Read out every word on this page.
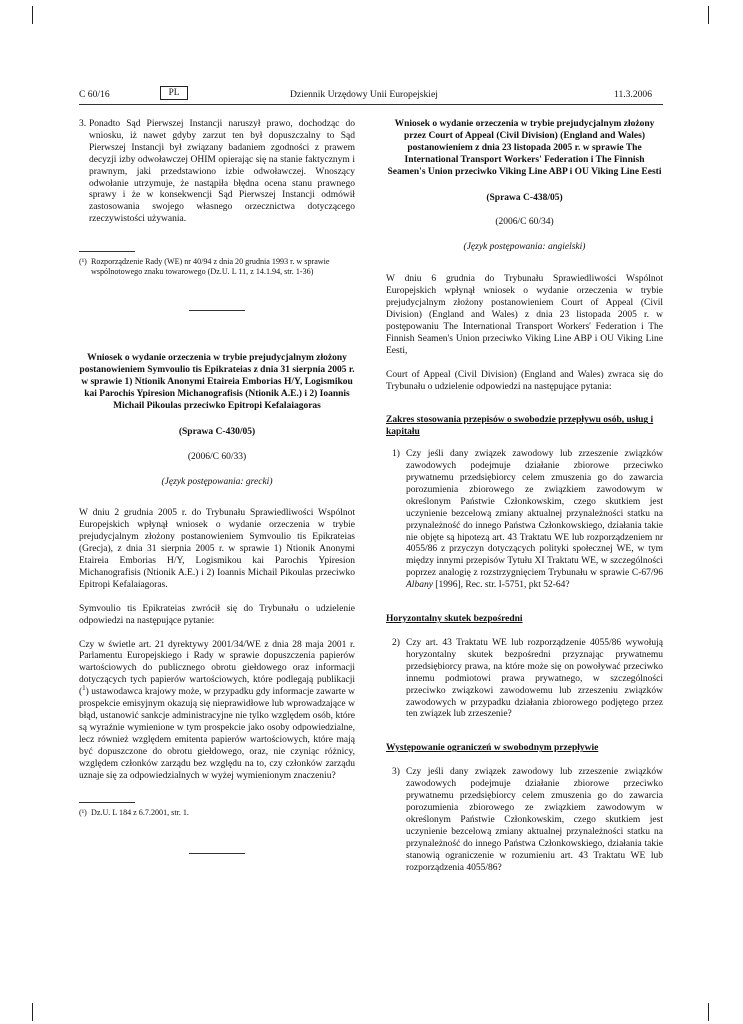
C 60/16	PL	Dziennik Urzędowy Unii Europejskiej	11.3.2006
3. Ponadto Sąd Pierwszej Instancji naruszył prawo, dochodząc do wniosku, iż nawet gdyby zarzut ten był dopuszczalny to Sąd Pierwszej Instancji był związany badaniem zgodności z prawem decyzji izby odwoławczej OHIM opierając się na stanie faktycznym i prawnym, jaki przedstawiono izbie odwoławczej. Wnoszący odwołanie utrzymuje, że nastąpiła błędna ocena stanu prawnego sprawy i że w konsekwencji Sąd Pierwszej Instancji odmówił zastosowania swojego własnego orzecznictwa dotyczącego rzeczywistości używania.
(¹) Rozporządzenie Rady (WE) nr 40/94 z dnia 20 grudnia 1993 r. w sprawie wspólnotowego znaku towarowego (Dz.U. L 11, z 14.1.94, str. 1-36)

Wniosek o wydanie orzeczenia w trybie prejudycjalnym złożony postanowieniem Symvoulio tis Epikrateias z dnia 31 sierpnia 2005 r. w sprawie 1) Ntionik Anonymi Etaireia Emborias H/Y, Logismikou kai Parochis Ypiresion Michanografisis (Ntionik A.E.) i 2) Ioannis Michail Pikoulas przeciwko Epitropi Kefalaiagoras

(Sprawa C-430/05)

(2006/C 60/33)

(Język postępowania: grecki)

W dniu 2 grudnia 2005 r. do Trybunału Sprawiedliwości Wspólnot Europejskich wpłynął wniosek o wydanie orzeczenia w trybie prejudycjalnym złożony postanowieniem Symvoulio tis Epikrateias (Grecja), z dnia 31 sierpnia 2005 r. w sprawie 1) Ntionik Anonymi Etaireia Emborias H/Y, Logismikou kai Parochis Ypiresion Michanografisis (Ntionik A.E.) i 2) Ioannis Michail Pikoulas przeciwko Epitropi Kefalaiagoras.

Symvoulio tis Epikrateias zwrócił się do Trybunału o udzielenie odpowiedzi na następujące pytanie:

Czy w świetle art. 21 dyrektywy 2001/34/WE z dnia 28 maja 2001 r. Parlamentu Europejskiego i Rady w sprawie dopuszczenia papierów wartościowych do publicznego obrotu giełdowego oraz informacji dotyczących tych papierów wartościowych, które podlegają publikacji ($^1$) ustawodawca krajowy może, w przypadku gdy informacje zawarte w prospekcie emisyjnym okazują się nieprawidłowe lub wprowadzające w błąd, ustanowić sankcje administracyjne nie tylko względem osób, które są wyraźnie wymienione w tym prospekcie jako osoby odpowiedzialne, lecz również względem emitenta papierów wartościowych, które mają być dopuszczone do obrotu giełdowego, oraz, nie czyniąc różnicy, względem członków zarządu bez względu na to, czy członków zarządu uznaje się za odpowiedzialnych w wyżej wymienionym znaczeniu?

(¹) Dz.U. L 184 z 6.7.2001, str. 1.

Wniosek o wydanie orzeczenia w trybie prejudycjalnym złożony przez Court of Appeal (Civil Division) (England and Wales) postanowieniem z dnia 23 listopada 2005 r. w sprawie The International Transport Workers' Federation i The Finnish Seamen's Union przeciwko Viking Line ABP i OU Viking Line Eesti

(Sprawa C-438/05)

(2006/C 60/34)

(Język postępowania: angielski)

W dniu 6 grudnia do Trybunału Sprawiedliwości Wspólnot Europejskich wpłynął wniosek o wydanie orzeczenia w trybie prejudycjalnym złożony postanowieniem Court of Appeal (Civil Division) (England and Wales) z dnia 23 listopada 2005 r. w postępowaniu The International Transport Workers' Federation i The Finnish Seamen's Union przeciwko Viking Line ABP i OU Viking Line Eesti,

Court of Appeal (Civil Division) (England and Wales) zwraca się do Trybunału o udzielenie odpowiedzi na następujące pytania:

Zakres stosowania przepisów o swobodzie przepływu osób, usług i kapitału

1) Czy jeśli dany związek zawodowy lub zrzeszenie związków zawodowych podejmuje działanie zbiorowe przeciwko prywatnemu przedsiębiorcy celem zmuszenia go do zawarcia porozumienia zbiorowego ze związkiem zawodowym w określonym Państwie Członkowskim, czego skutkiem jest uczynienie bezcelową zmiany aktualnej przynależności statku na przynależność do innego Państwa Członkowskiego, działania takie nie objęte są hipotezą art. 43 Traktatu WE lub rozporządzeniem nr 4055/86 z przyczyn dotyczących polityki społecznej WE, w tym między innymi przepisów Tytułu XI Traktatu WE, w szczególności poprzez analogię z rozstrzygnięciem Trybunału w sprawie C-67/96 Albany [1996], Rec. str. I-5751, pkt 52-64?

Horyzontalny skutek bezpośredni

2) Czy art. 43 Traktatu WE lub rozporządzenie 4055/86 wywołują horyzontalny skutek bezpośredni przyznając prywatnemu przedsiębiorcy prawa, na które może się on powoływać przeciwko innemu podmiotowi prawa prywatnego, w szczególności przeciwko związkowi zawodowemu lub zrzeszeniu związków zawodowych w przypadku działania zbiorowego podjętego przez ten związek lub zrzeszenie?

Występowanie ograniczeń w swobodnym przepływie

3) Czy jeśli dany związek zawodowy lub zrzeszenie związków zawodowych podejmuje działanie zbiorowe przeciwko prywatnemu przedsiębiorcy celem zmuszenia go do zawarcia porozumienia zbiorowego ze związkiem zawodowym w określonym Państwie Członkowskim, czego skutkiem jest uczynienie bezcelową zmiany aktualnej przynależności statku na przynależność do innego Państwa Członkowskiego, działania takie stanowią ograniczenie w rozumieniu art. 43 Traktatu WE lub rozporządzenia 4055/86?
